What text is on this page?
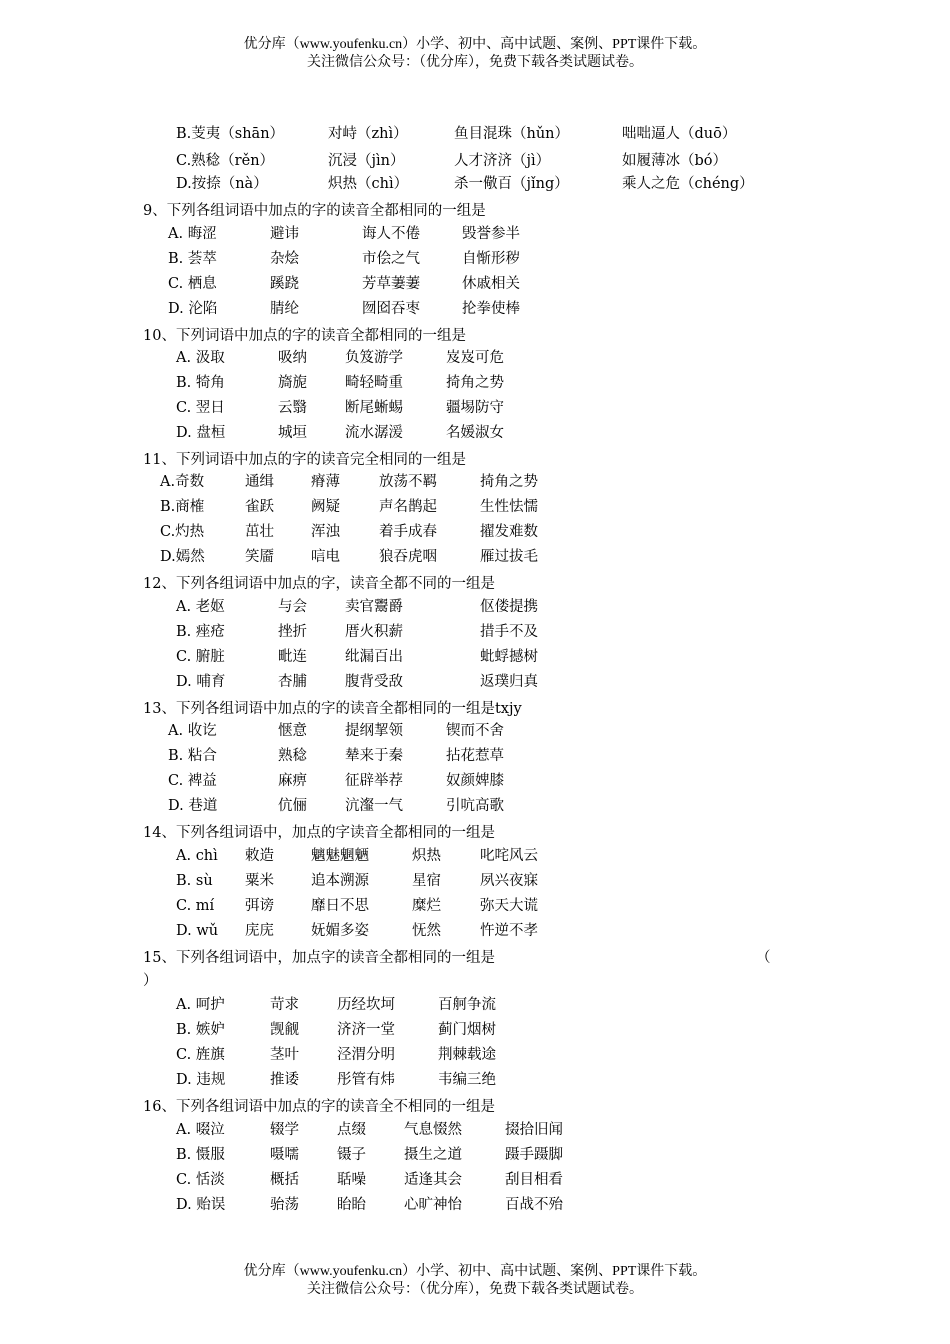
优分库（www.youfenku.cn）小学、初中、高中试题、案例、PPT课件下载。
关注微信公众号：（优分库），免费下载各类试题试卷。
B.芰夷（shān）	对峙（zhì）	鱼目混珠（hǔn）	咄咄逼人（duō）
C.熟稔（rěn）	沉浸（jìn）	人才济济（jì）	如履薄冰（bó）
D.按捺（nà）	炽热（chì）	杀一儆百（jǐng）	乘人之危（chéng）
9、下列各组词语中加点的字的读音全都相同的一组是
A. 晦涩	避讳	诲人不倦	毁誉参半
B. 荟萃	杂烩	市侩之气	自惭形秽
C. 栖息	蹊跷	芳草萋萋	休戚相关
D. 沦陷	腈纶	囫囵吞枣	抡拳使棒
10、下列词语中加点的字的读音全都相同的一组是
A. 汲取	吸纳	负笈游学	岌岌可危
B. 犄角	旖旎	畸轻畸重	掎角之势
C. 翌日	云翳	断尾蜥蜴	疆埸防守
D. 盘桓	城垣	流水潺湲	名媛淑女
11、下列词语中加点的字的读音完全相同的一组是
A.奇数	通缉	瘠薄	放荡不羁	掎角之势
B.商榷	雀跃	阙疑	声名鹊起	生性怯懦
C.灼热	茁壮	浑浊	着手成春	擢发难数
D.嫣然	笑靥	唁电	狼吞虎咽	雁过拔毛
12、下列各组词语中加点的字，读音全都不同的一组是
A. 老妪	与会	卖官鬻爵	伛偻提携
B. 痤疮	挫折	厝火积薪	措手不及
C. 腑脏	毗连	纰漏百出	蚍蜉撼树
D. 哺育	杏脯	腹背受敌	返璞归真
13、下列各组词语中加点的字的读音全都相同的一组是txjy
A. 收讫	惬意	提纲挈领	锲而不舍
B. 粘合	熟稔	辇来于秦	拈花惹草
C. 裨益	麻痹	征辟举荐	奴颜婢膝
D. 巷道	伉俪	沆瀣一气	引吭高歌
14、下列各组词语中，加点的字读音全都相同的一组是
A. chì 敕造	魑魅魍魉	炽热	叱咤风云
B. sù 粟米	追本溯源	星宿	夙兴夜寐
C. mí 弭谤	靡日不思	糜烂	弥天大谎
D. wǔ 庑庑	妩媚多姿	怃然	忤逆不孝
15、下列各组词语中，加点字的读音全都相同的一组是	（
）
A. 呵护	苛求	历经坎坷	百舸争流
B. 嫉妒	觊觎	济济一堂	蓟门烟树
C. 旌旗	茎叶	泾渭分明	荆棘载途
D. 违规	推诿	彤管有炜	韦编三绝
16、下列各组词语中加点的字的读音全不相同的一组是
A. 啜泣	辍学	点缀	气息惙然	掇拾旧闻
B. 慑服	嗫嚅	镊子	摄生之道	蹑手蹑脚
C. 恬淡	概括	聒噪	适逢其会	刮目相看
D. 贻误	骀荡	眙眙	心旷神怡	百战不殆
优分库（www.youfenku.cn）小学、初中、高中试题、案例、PPT课件下载。
关注微信公众号：（优分库），免费下载各类试题试卷。
